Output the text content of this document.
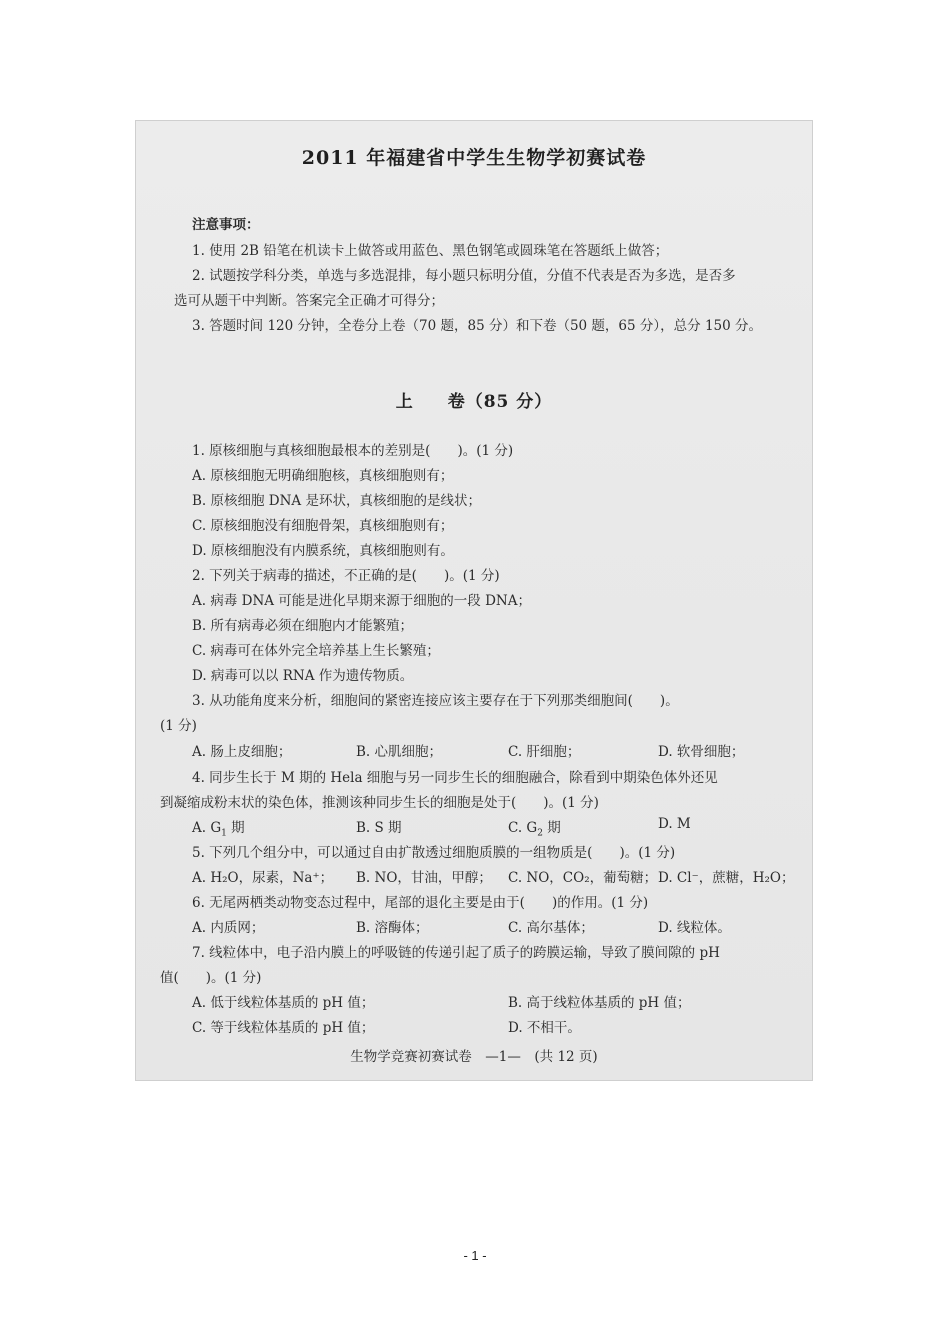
2011 年福建省中学生生物学初赛试卷
注意事项：
1. 使用 2B 铅笔在机读卡上做答或用蓝色、黑色钢笔或圆珠笔在答题纸上做答；
2. 试题按学科分类，单选与多选混排，每小题只标明分值，分值不代表是否为多选，是否多
选可从题干中判断。答案完全正确才可得分；
3. 答题时间 120 分钟，全卷分上卷（70 题，85 分）和下卷（50 题，65 分），总分 150 分。
上 卷（85 分）
1. 原核细胞与真核细胞最根本的差别是(　　)。(1 分)
A. 原核细胞无明确细胞核，真核细胞则有；
B. 原核细胞 DNA 是环状，真核细胞的是线状；
C. 原核细胞没有细胞骨架，真核细胞则有；
D. 原核细胞没有内膜系统，真核细胞则有。
2. 下列关于病毒的描述，不正确的是(　　)。(1 分)
A. 病毒 DNA 可能是进化早期来源于细胞的一段 DNA；
B. 所有病毒必须在细胞内才能繁殖；
C. 病毒可在体外完全培养基上生长繁殖；
D. 病毒可以以 RNA 作为遗传物质。
3. 从功能角度来分析，细胞间的紧密连接应该主要存在于下列那类细胞间(　　)。
(1 分)
A. 肠上皮细胞；	B. 心肌细胞；	C. 肝细胞；	D. 软骨细胞；
4. 同步生长于 M 期的 Hela 细胞与另一同步生长的细胞融合，除看到中期染色体外还见
到凝缩成粉末状的染色体，推测该种同步生长的细胞是处于(　　)。(1 分)
A. $G_1$ 期	B. S 期	C. $G_2$ 期	D. M
5. 下列几个组分中，可以通过自由扩散透过细胞质膜的一组物质是(　　)。(1 分)
A. H₂O，尿素，Na⁺； B. NO，甘油，甲醇； C. NO，CO₂，葡萄糖； D. Cl⁻，蔗糖，H₂O；
6. 无尾两栖类动物变态过程中，尾部的退化主要是由于(　　)的作用。(1 分)
A. 内质网；	B. 溶酶体；	C. 高尔基体；	D. 线粒体。
7. 线粒体中，电子沿内膜上的呼吸链的传递引起了质子的跨膜运输，导致了膜间隙的 pH
值(　　)。(1 分)
A. 低于线粒体基质的 pH 值；	B. 高于线粒体基质的 pH 值；
C. 等于线粒体基质的 pH 值；	D. 不相干。
生物学竞赛初赛试卷　—1—　(共 12 页)
- 1 -
